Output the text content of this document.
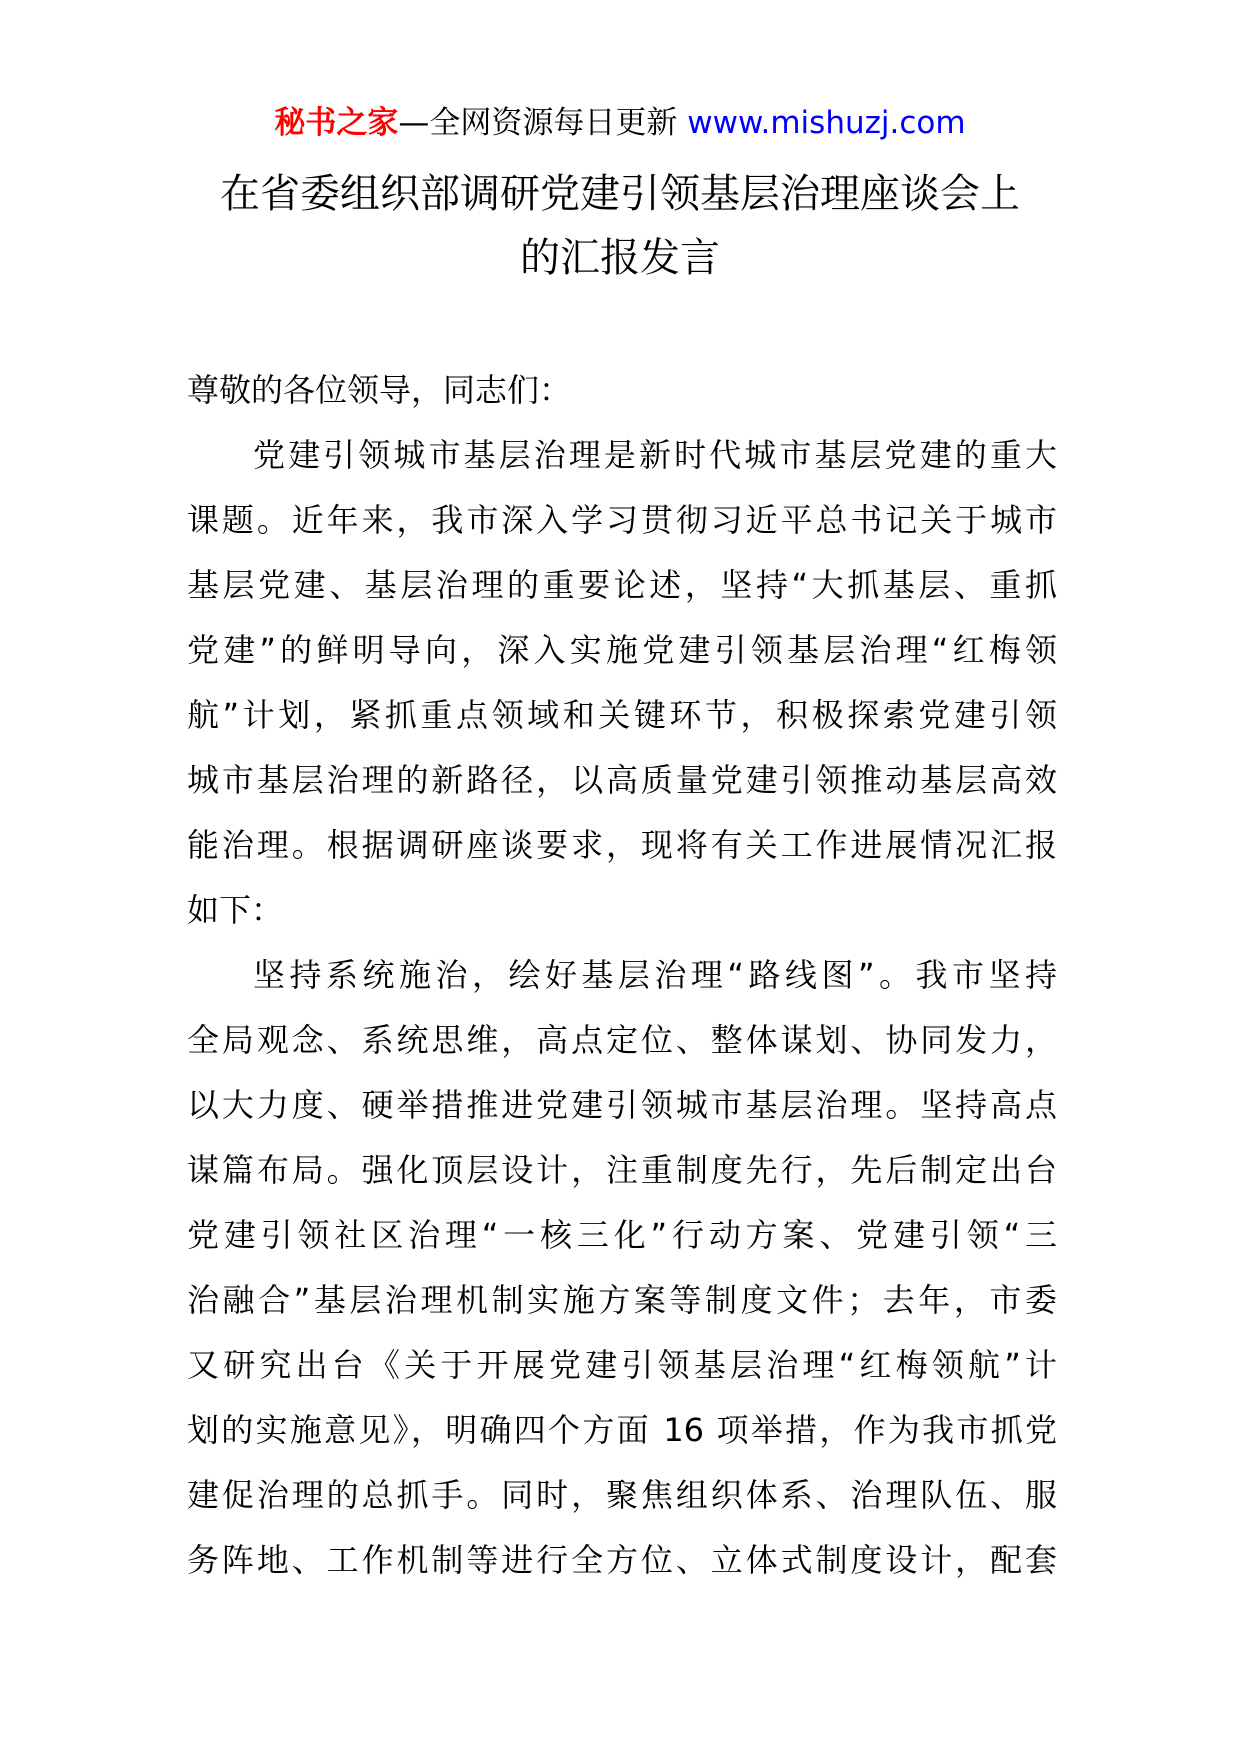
秘书之家—全网资源每日更新 www.mishuzj.com
在省委组织部调研党建引领基层治理座谈会上
的汇报发言
尊敬的各位领导，同志们：
党建引领城市基层治理是新时代城市基层党建的重大
课题。近年来，我市深入学习贯彻习近平总书记关于城市
基层党建、基层治理的重要论述，坚持“大抓基层、重抓
党建”的鲜明导向，深入实施党建引领基层治理“红梅领
航”计划，紧抓重点领域和关键环节，积极探索党建引领
城市基层治理的新路径，以高质量党建引领推动基层高效
能治理。根据调研座谈要求，现将有关工作进展情况汇报
如下：
坚持系统施治，绘好基层治理“路线图”。我市坚持
全局观念、系统思维，高点定位、整体谋划、协同发力，
以大力度、硬举措推进党建引领城市基层治理。坚持高点
谋篇布局。强化顶层设计，注重制度先行，先后制定出台
党建引领社区治理“一核三化”行动方案、党建引领“三
治融合”基层治理机制实施方案等制度文件；去年，市委
又研究出台《关于开展党建引领基层治理“红梅领航”计
划的实施意见》，明确四个方面 16 项举措，作为我市抓党
建促治理的总抓手。同时，聚焦组织体系、治理队伍、服
务阵地、工作机制等进行全方位、立体式制度设计，配套
